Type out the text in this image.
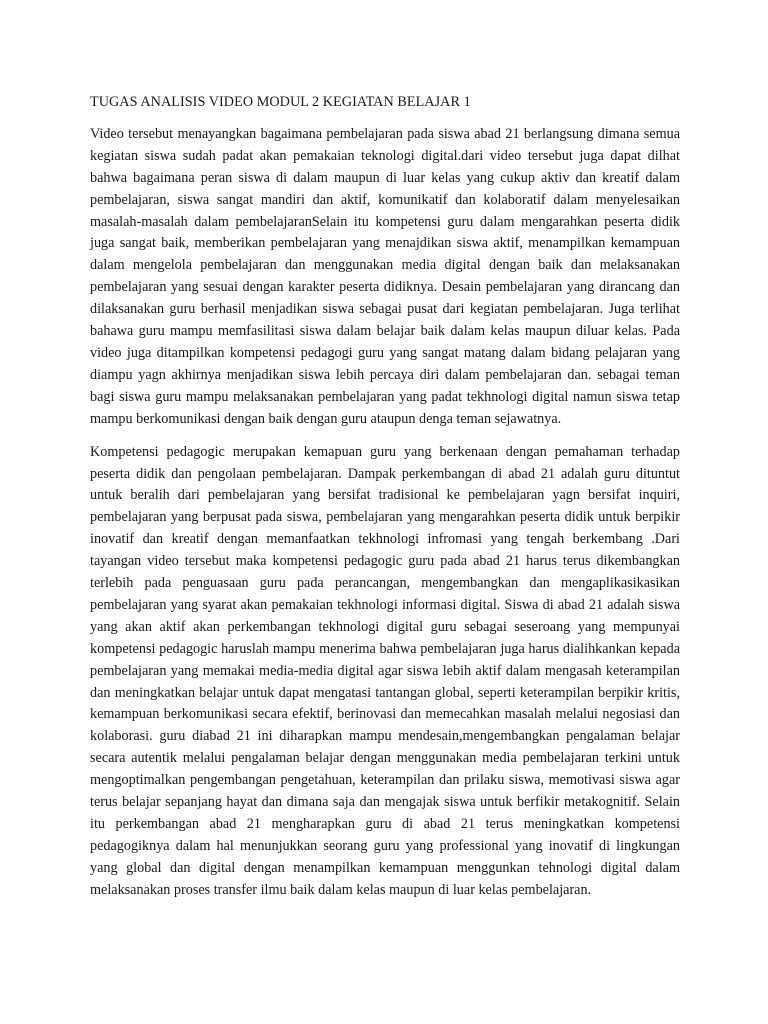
TUGAS ANALISIS VIDEO MODUL 2 KEGIATAN BELAJAR 1

Video tersebut menayangkan bagaimana pembelajaran pada siswa abad 21 berlangsung dimana semua kegiatan siswa sudah padat akan pemakaian teknologi digital.dari video tersebut juga dapat dilhat bahwa bagaimana peran siswa di dalam maupun di luar kelas yang cukup aktiv dan kreatif dalam pembelajaran, siswa sangat mandiri dan aktif, komunikatif dan kolaboratif dalam menyelesaikan masalah-masalah dalam pembelajaranSelain itu kompetensi guru dalam mengarahkan peserta didik juga sangat baik, memberikan pembelajaran yang menajdikan siswa aktif, menampilkan kemampuan dalam mengelola pembelajaran dan menggunakan media digital dengan baik dan melaksanakan pembelajaran yang sesuai dengan karakter peserta didiknya. Desain pembelajaran yang dirancang dan dilaksanakan guru berhasil menjadikan siswa sebagai pusat dari kegiatan pembelajaran. Juga terlihat bahawa guru mampu memfasilitasi siswa dalam belajar baik dalam kelas maupun diluar kelas. Pada video juga ditampilkan kompetensi pedagogi guru yang sangat matang dalam bidang pelajaran yang diampu yagn akhirnya menjadikan siswa lebih percaya diri dalam pembelajaran dan. sebagai teman bagi siswa guru mampu melaksanakan pembelajaran yang padat tekhnologi digital namun siswa tetap mampu berkomunikasi dengan baik dengan guru ataupun denga teman sejawatnya.

Kompetensi pedagogic merupakan kemapuan guru yang berkenaan dengan pemahaman terhadap peserta didik dan pengolaan pembelajaran. Dampak perkembangan di abad 21 adalah guru dituntut untuk beralih dari pembelajaran yang bersifat tradisional ke pembelajaran yagn bersifat inquiri, pembelajaran yang berpusat pada siswa, pembelajaran yang mengarahkan peserta didik untuk berpikir inovatif dan kreatif dengan memanfaatkan tekhnologi infromasi yang tengah berkembang .Dari tayangan video tersebut maka kompetensi pedagogic guru pada abad 21 harus terus dikembangkan terlebih pada penguasaan guru pada perancangan, mengembangkan dan mengaplikasikasikan pembelajaran yang syarat akan pemakaian tekhnologi informasi digital. Siswa di abad 21 adalah siswa yang akan aktif akan perkembangan tekhnologi digital guru sebagai seseroang yang mempunyai kompetensi pedagogic haruslah mampu menerima bahwa pembelajaran juga harus dialihkankan kepada pembelajaran yang memakai media-media digital agar siswa lebih aktif dalam mengasah keterampilan dan meningkatkan belajar untuk dapat mengatasi tantangan global, seperti keterampilan berpikir kritis, kemampuan berkomunikasi secara efektif, berinovasi dan memecahkan masalah melalui negosiasi dan kolaborasi. guru diabad 21 ini diharapkan mampu mendesain,mengembangkan pengalaman belajar secara autentik melalui pengalaman belajar dengan menggunakan media pembelajaran terkini untuk mengoptimalkan pengembangan pengetahuan, keterampilan dan prilaku siswa, memotivasi siswa agar terus belajar sepanjang hayat dan dimana saja dan mengajak siswa untuk berfikir metakognitif. Selain itu perkembangan abad 21 mengharapkan guru di abad 21 terus meningkatkan kompetensi pedagogiknya dalam hal menunjukkan seorang guru yang professional yang inovatif di lingkungan yang global dan digital dengan menampilkan kemampuan menggunkan tehnologi digital dalam melaksanakan proses transfer ilmu baik dalam kelas maupun di luar kelas pembelajaran.
